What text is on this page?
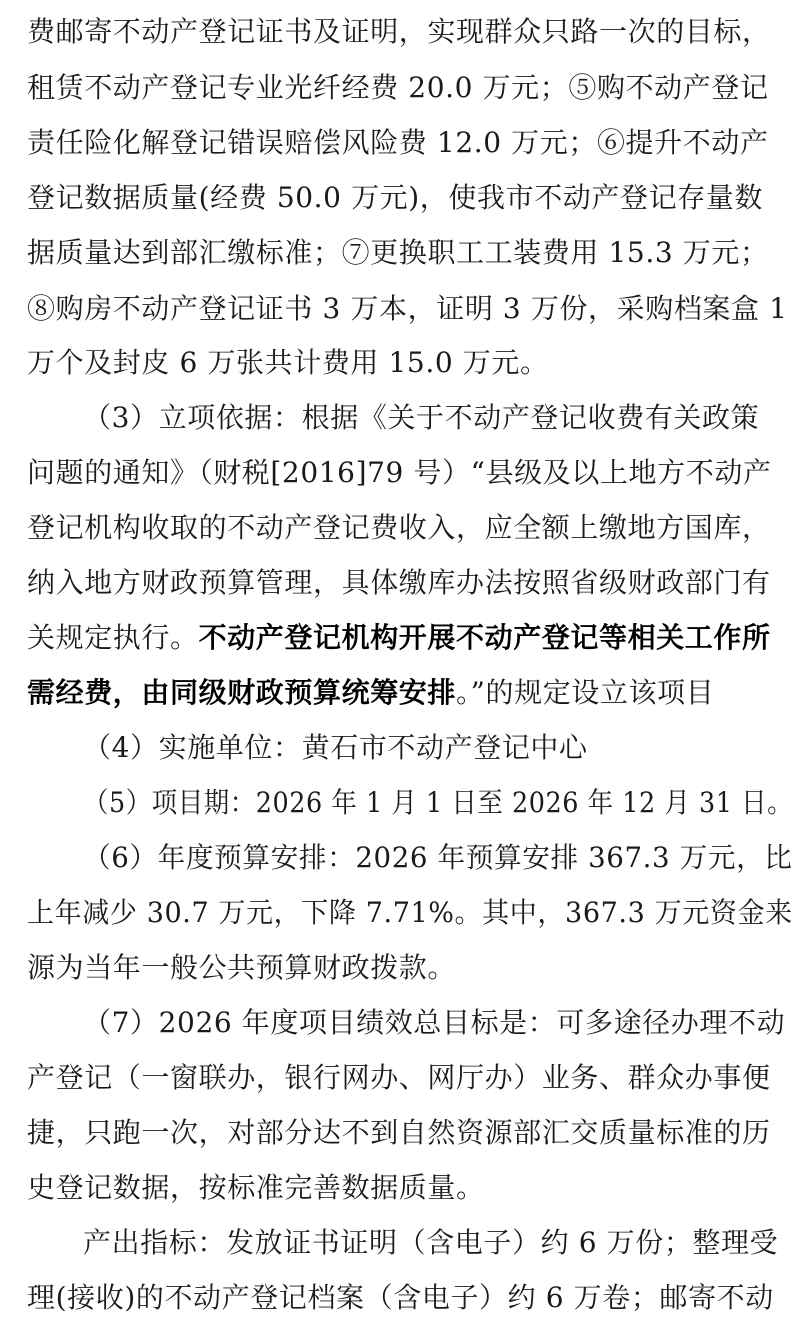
费邮寄不动产登记证书及证明，实现群众只路一次的目标，
租赁不动产登记专业光纤经费 20.0 万元；⑤购不动产登记
责任险化解登记错误赔偿风险费 12.0 万元；⑥提升不动产
登记数据质量(经费 50.0 万元)，使我市不动产登记存量数
据质量达到部汇缴标准；⑦更换职工工装费用 15.3 万元；
⑧购房不动产登记证书 3 万本，证明 3 万份，采购档案盒 1
万个及封皮 6 万张共计费用 15.0 万元。
（3）立项依据：根据《关于不动产登记收费有关政策
问题的通知》（财税[2016]79 号）“县级及以上地方不动产
登记机构收取的不动产登记费收入，应全额上缴地方国库，
纳入地方财政预算管理，具体缴库办法按照省级财政部门有
关规定执行。不动产登记机构开展不动产登记等相关工作所
需经费，由同级财政预算统筹安排。”的规定设立该项目
（4）实施单位：黄石市不动产登记中心
（5）项目期：2026 年 1 月 1 日至 2026 年 12 月 31 日。
（6）年度预算安排：2026 年预算安排 367.3 万元，比
上年减少 30.7 万元，下降 7.71%。其中，367.3 万元资金来
源为当年一般公共预算财政拨款。
（7）2026 年度项目绩效总目标是：可多途径办理不动
产登记（一窗联办，银行网办、网厅办）业务、群众办事便
捷，只跑一次，对部分达不到自然资源部汇交质量标准的历
史登记数据，按标准完善数据质量。
产出指标：发放证书证明（含电子）约 6 万份；整理受
理(接收)的不动产登记档案（含电子）约 6 万卷；邮寄不动
